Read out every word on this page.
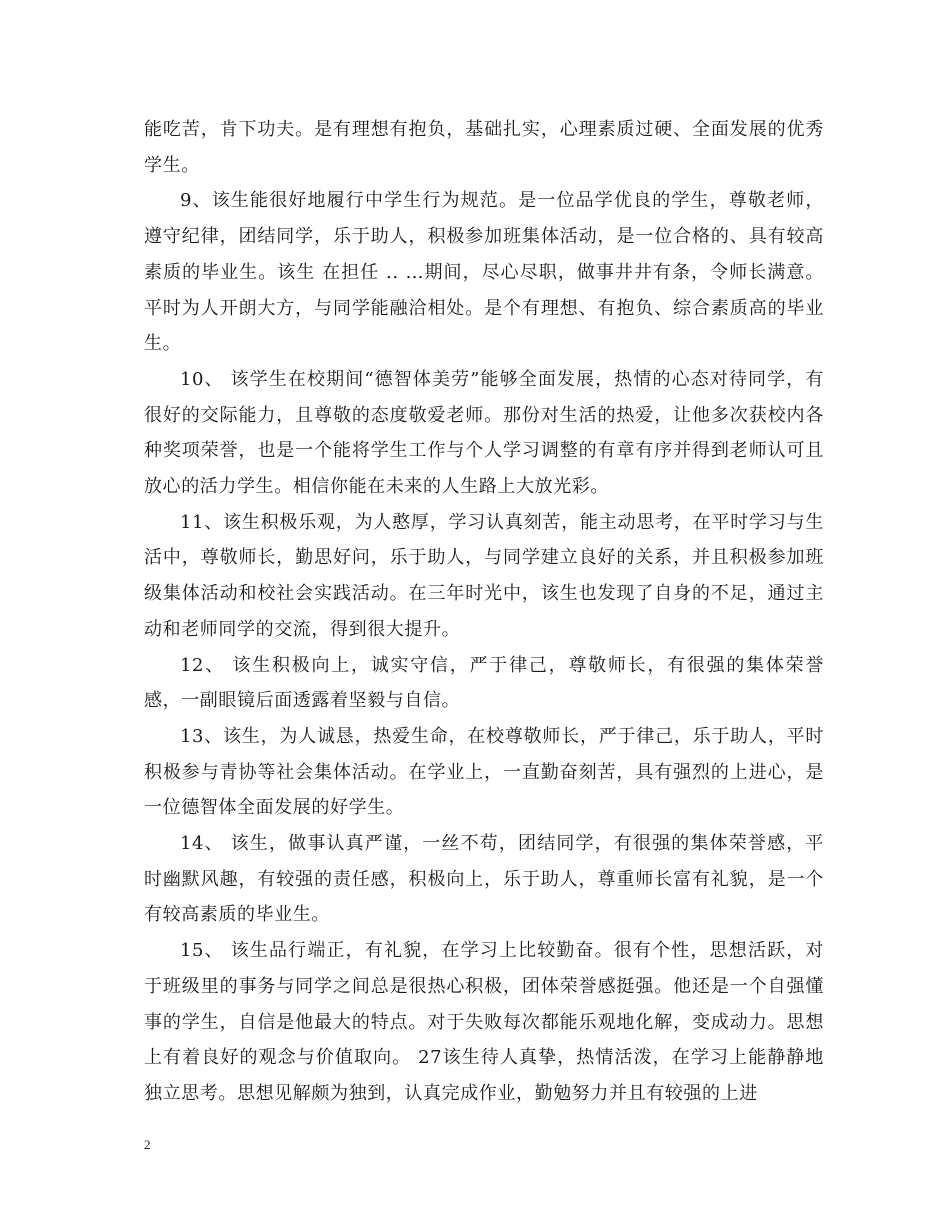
能吃苦，肯下功夫。是有理想有抱负，基础扎实，心理素质过硬、全面发展的优秀学生。

9、该生能很好地履行中学生行为规范。是一位品学优良的学生，尊敬老师，遵守纪律，团结同学，乐于助人，积极参加班集体活动，是一位合格的、具有较高素质的毕业生。该生 在担任 .. …期间，尽心尽职，做事井井有条，令师长满意。平时为人开朗大方，与同学能融洽相处。是个有理想、有抱负、综合素质高的毕业生。

10、 该学生在校期间“德智体美劳”能够全面发展，热情的心态对待同学，有很好的交际能力，且尊敬的态度敬爱老师。那份对生活的热爱，让他多次获校内各种奖项荣誉，也是一个能将学生工作与个人学习调整的有章有序并得到老师认可且放心的活力学生。相信你能在未来的人生路上大放光彩。

11、该生积极乐观，为人憨厚，学习认真刻苦，能主动思考，在平时学习与生活中，尊敬师长，勤思好问，乐于助人，与同学建立良好的关系，并且积极参加班级集体活动和校社会实践活动。在三年时光中，该生也发现了自身的不足，通过主动和老师同学的交流，得到很大提升。

12、 该生积极向上，诚实守信，严于律己，尊敬师长，有很强的集体荣誉感，一副眼镜后面透露着坚毅与自信。

13、该生，为人诚恳，热爱生命，在校尊敬师长，严于律己，乐于助人，平时积极参与青协等社会集体活动。在学业上，一直勤奋刻苦，具有强烈的上进心，是一位德智体全面发展的好学生。

14、 该生，做事认真严谨，一丝不苟，团结同学，有很强的集体荣誉感，平时幽默风趣，有较强的责任感，积极向上，乐于助人，尊重师长富有礼貌，是一个有较高素质的毕业生。

15、 该生品行端正，有礼貌，在学习上比较勤奋。很有个性，思想活跃，对于班级里的事务与同学之间总是很热心积极，团体荣誉感挺强。他还是一个自强懂事的学生，自信是他最大的特点。对于失败每次都能乐观地化解，变成动力。思想上有着良好的观念与价值取向。 27该生待人真挚，热情活泼，在学习上能静静地独立思考。思想见解颇为独到，认真完成作业，勤勉努力并且有较强的上进

2
